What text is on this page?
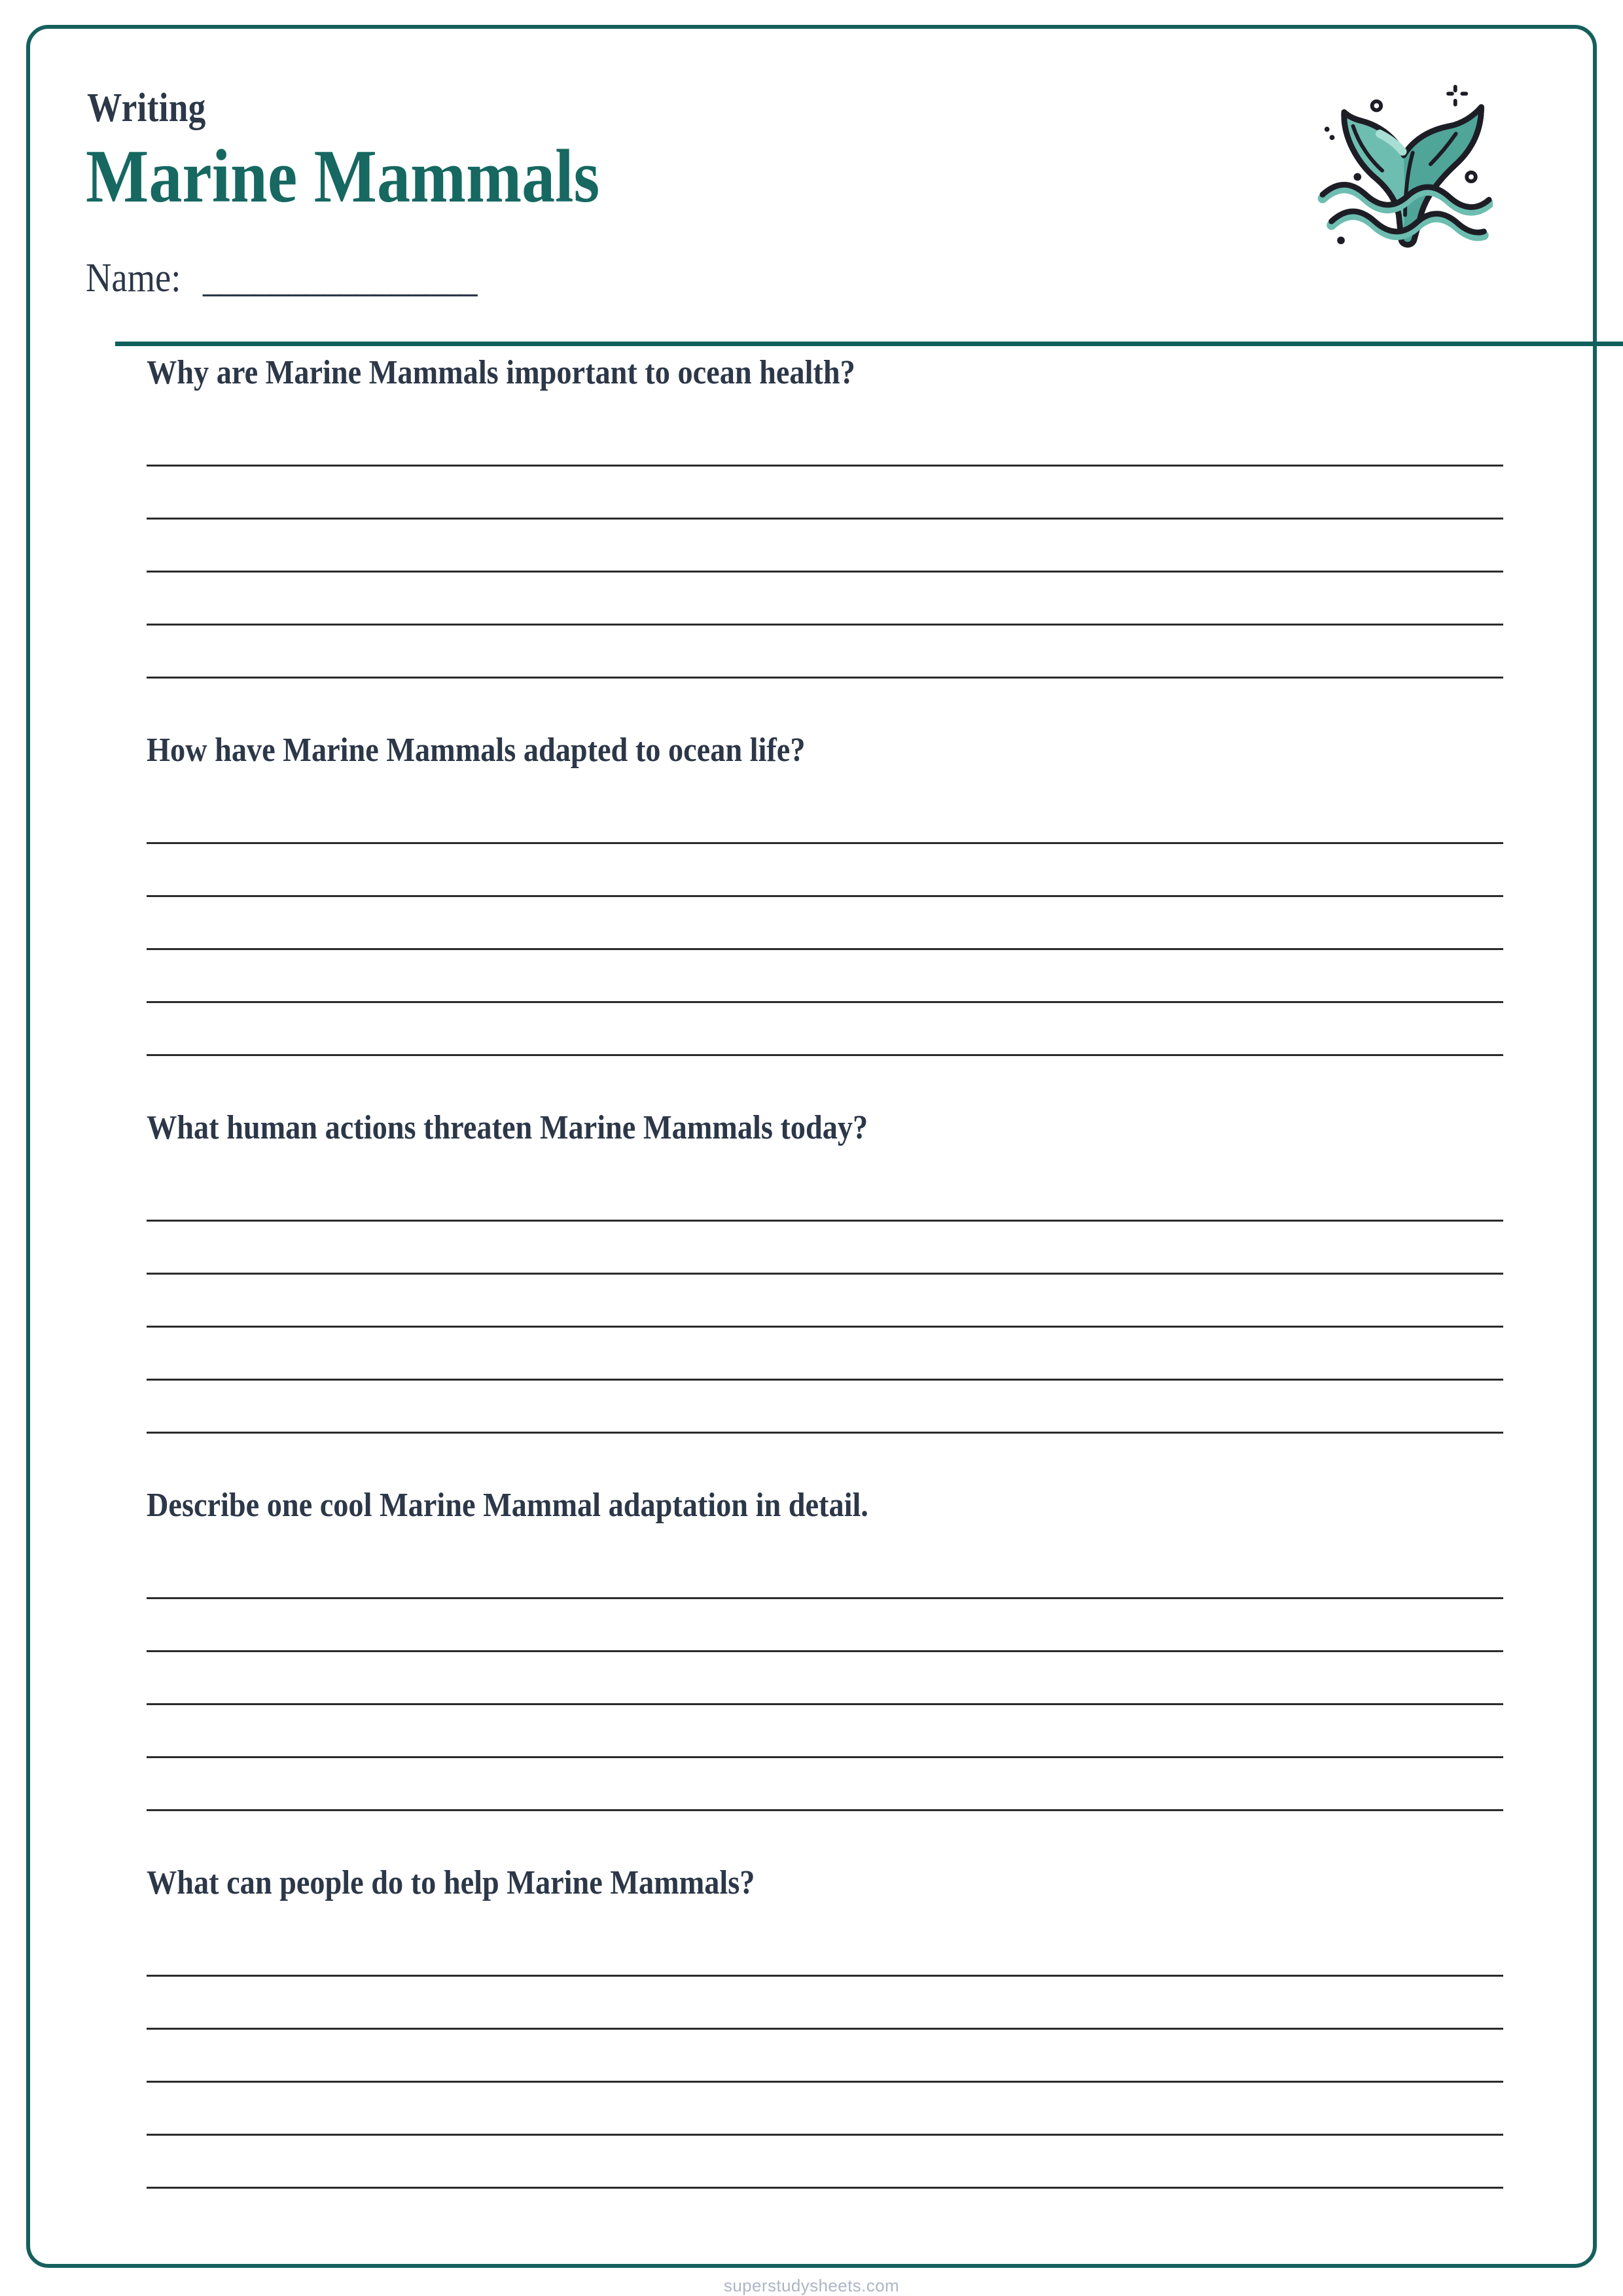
Writing
Marine Mammals
Name: ________________
Why are Marine Mammals important to ocean health?
How have Marine Mammals adapted to ocean life?
What human actions threaten Marine Mammals today?
Describe one cool Marine Mammal adaptation in detail.
What can people do to help Marine Mammals?
superstudysheets.com
